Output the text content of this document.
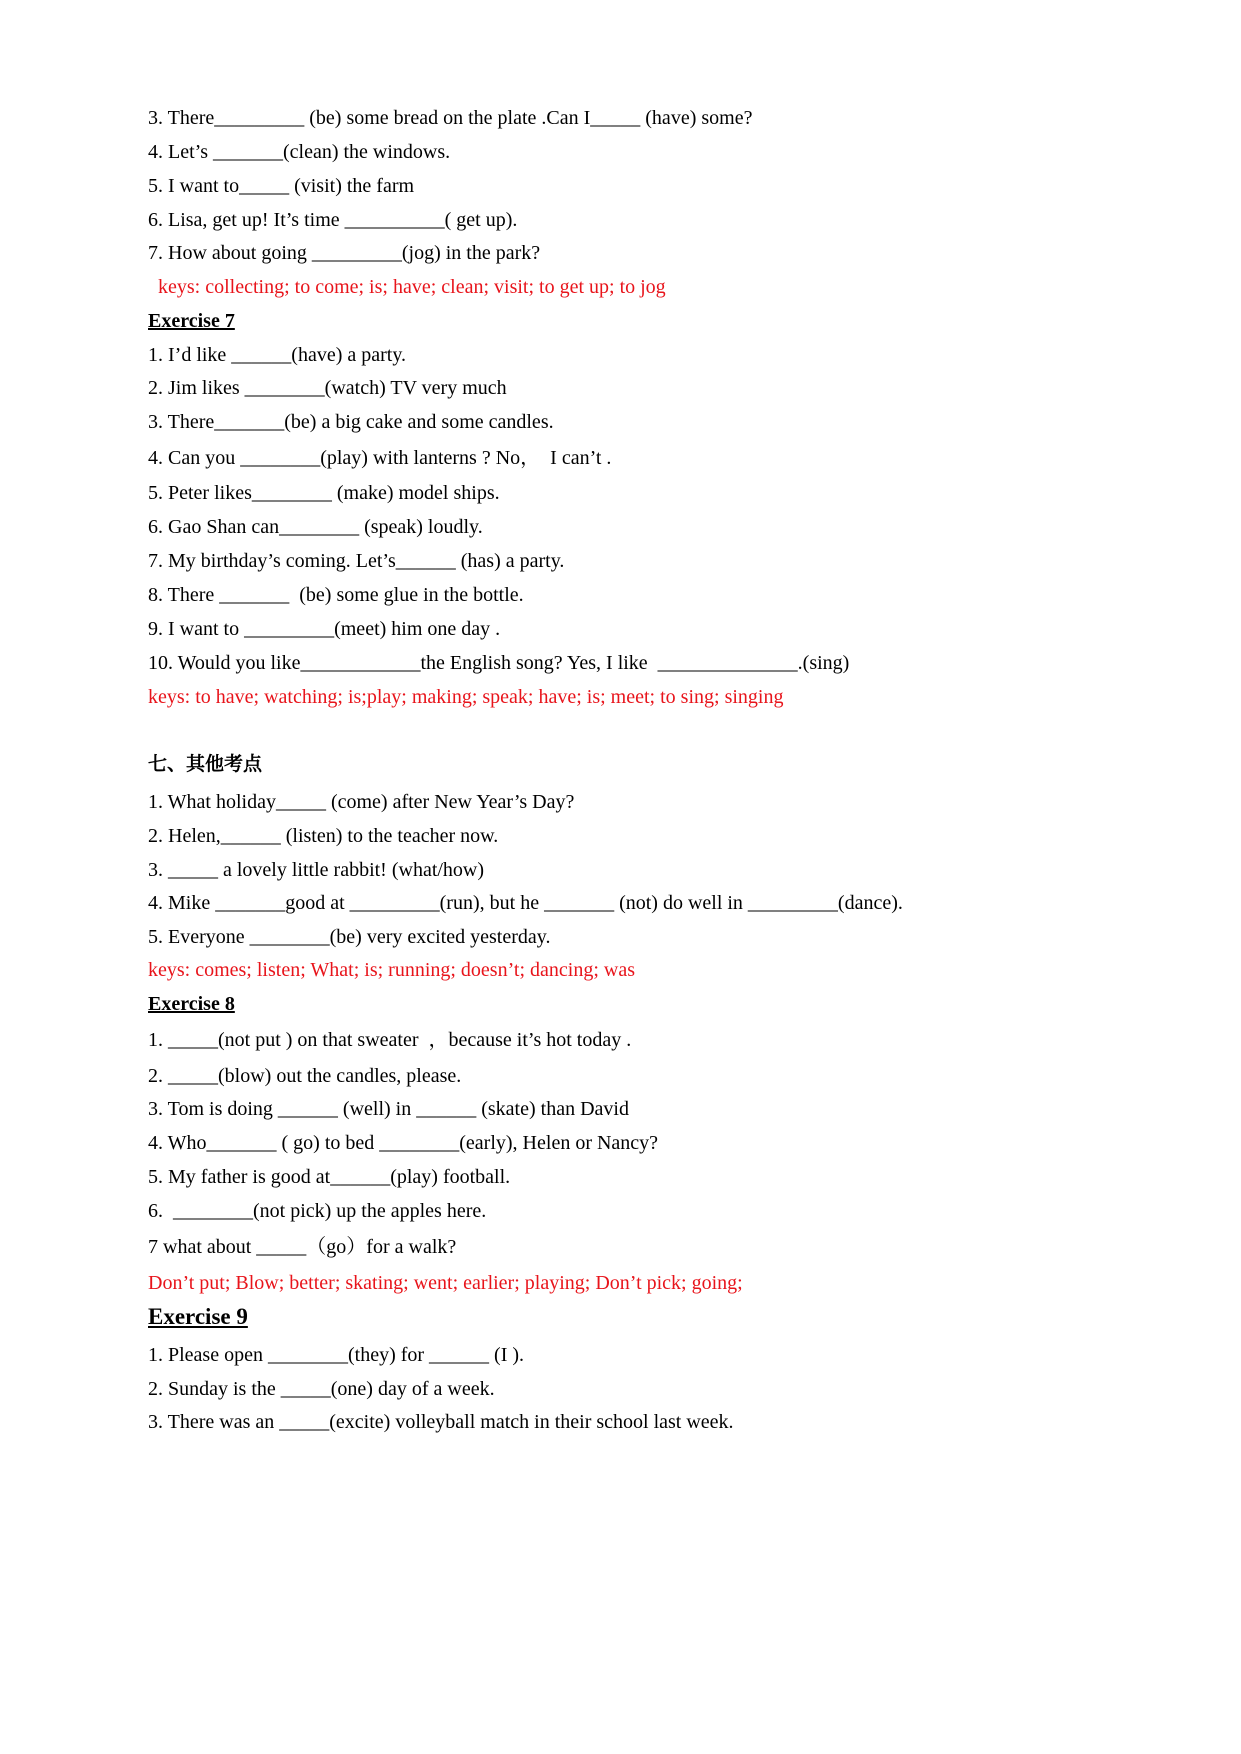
3. There_________ (be) some bread on the plate .Can I_____ (have) some?
4. Let’s _______(clean) the windows.
5. I want to_____ (visit) the farm
6. Lisa, get up! It’s time __________( get up).
7. How about going _________(jog) in the park?
keys: collecting; to come; is; have; clean; visit; to get up; to jog
Exercise 7
1. I’d like ______(have) a party.
2. Jim likes ________(watch) TV very much
3. There_______(be) a big cake and some candles.
4. Can you ________(play) with lanterns ? No，  I can’t .
5. Peter likes________ (make) model ships.
6. Gao Shan can________ (speak) loudly.
7. My birthday’s coming. Let’s______ (has) a party.
8. There _______  (be) some glue in the bottle.
9. I want to _________(meet) him one day .
10. Would you like____________the English song? Yes, I like  ______________.(sing)
keys: to have; watching; is;play; making; speak; have; is; meet; to sing; singing
七、其他考点
1. What holiday_____ (come) after New Year’s Day?
2. Helen,______ (listen) to the teacher now.
3. _____ a lovely little rabbit! (what/how)
4. Mike _______good at _________(run), but he _______ (not) do well in _________(dance).
5. Everyone ________(be) very excited yesterday.
keys: comes; listen; What; is; running; doesn’t; dancing; was
Exercise 8
1. _____(not put ) on that sweater  ，because it’s hot today .
2. _____(blow) out the candles, please.
3. Tom is doing ______ (well) in ______ (skate) than David
4. Who_______ ( go) to bed ________(early), Helen or Nancy?
5. My father is good at______(play) football.
6.  ________(not pick) up the apples here.
7 what about _____（go）for a walk?
Don’t put; Blow; better; skating; went; earlier; playing; Don’t pick; going;
Exercise 9
1. Please open ________(they) for ______ (I ).
2. Sunday is the _____(one) day of a week.
3. There was an _____(excite) volleyball match in their school last week.
